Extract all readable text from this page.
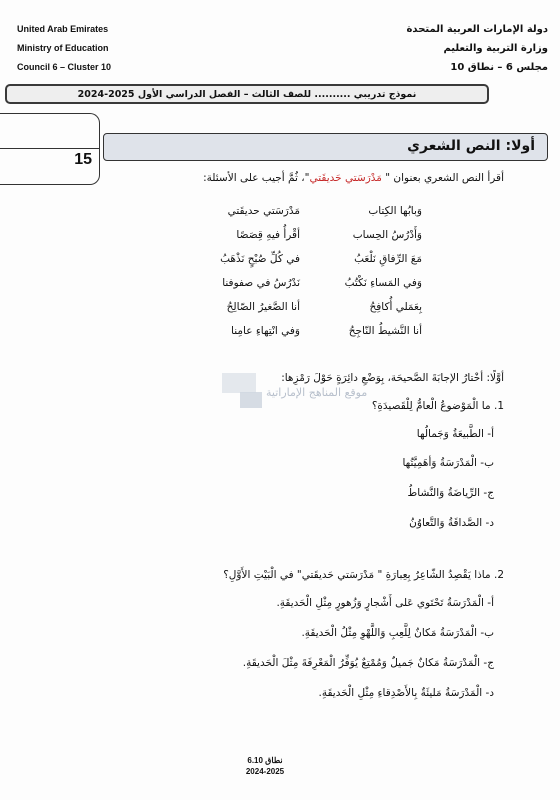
United Arab Emirates
Ministry of Education
Council 6 – Cluster 10
دولة الإمارات العربية المتحدة
وزارة التربية والتعليم
مجلس 6 – نطاق 10
نموذج تدريبي .......... للصف الثالث – الفصل الدراسي الأول 2025-2024
15
أولا: النص الشعري
أقرأ النص الشعري بعنوان " مَدْرَسَتي حَديقَتي"، ثُمَّ أجيب على الأسئلة:
مَدْرَسَتي حديقَتي	وَبابُها الكِتاب
أقْرأُ فيهِ قِصَصًا	وَأَدْرُسُ الحِساب
في كُلِّ صُبْحٍ نَذْهَبُ	مَعَ الرِّفاقِ نَلْعَبُ
نَدْرُسُ في صفوفنا	وَفي المَساءِ نَكْتُبُ
أنا الصَّغيرُ الصّالِحُ	بِعَمَلي أُكافِحُ
وَفي انْتِهاءِ عامِنا	أنا النَّشيطُ النّاجِحُ
موقع المناهج الإماراتية
أوَّلًا: أخْتارُ الإجابَةَ الصَّحيحَة، بِوَضْعِ دائِرَةٍ حَوْلَ رَمْزِها:
1. ما الْمَوْضوعُ الْعامُّ لِلْقَصيدَةِ؟
أ- الطَّبيعَةُ وَجَمالُها
ب- الْمَدْرَسَةُ وَأهَمِيَّتُها
ج- الرِّياضَةُ وَالنَّشاطُ
د- الصَّداقَةُ وَالتَّعاوُنُ
2. ماذا يَقْصِدُ الشّاعِرُ بِعِبارَةِ " مَدْرَسَتي حَديقَتي" في الْبَيْتِ الأَوَّلِ؟
أ- الْمَدْرَسَةُ تَحْتَوي عَلى أَشْجارٍ وَزُهورٍ مِثْلِ الْحَديقَةِ.
ب- الْمَدْرَسَةُ مَكانٌ لِلَّعِبِ وَاللَّهْوِ مِثْلُ الْحَديقَةِ.
ج- الْمَدْرَسَةُ مَكانٌ جَميلٌ وَمُمْتِعٌ يُوَفِّرُ الْمَعْرِفَةَ مِثْلَ الْحَديقَةِ.
د- الْمَدْرَسَةُ مَليئَةٌ بِالأَصْدِقاءِ مِثْلِ الْحَديقَةِ.
نطاق 6.10
2024-2025
